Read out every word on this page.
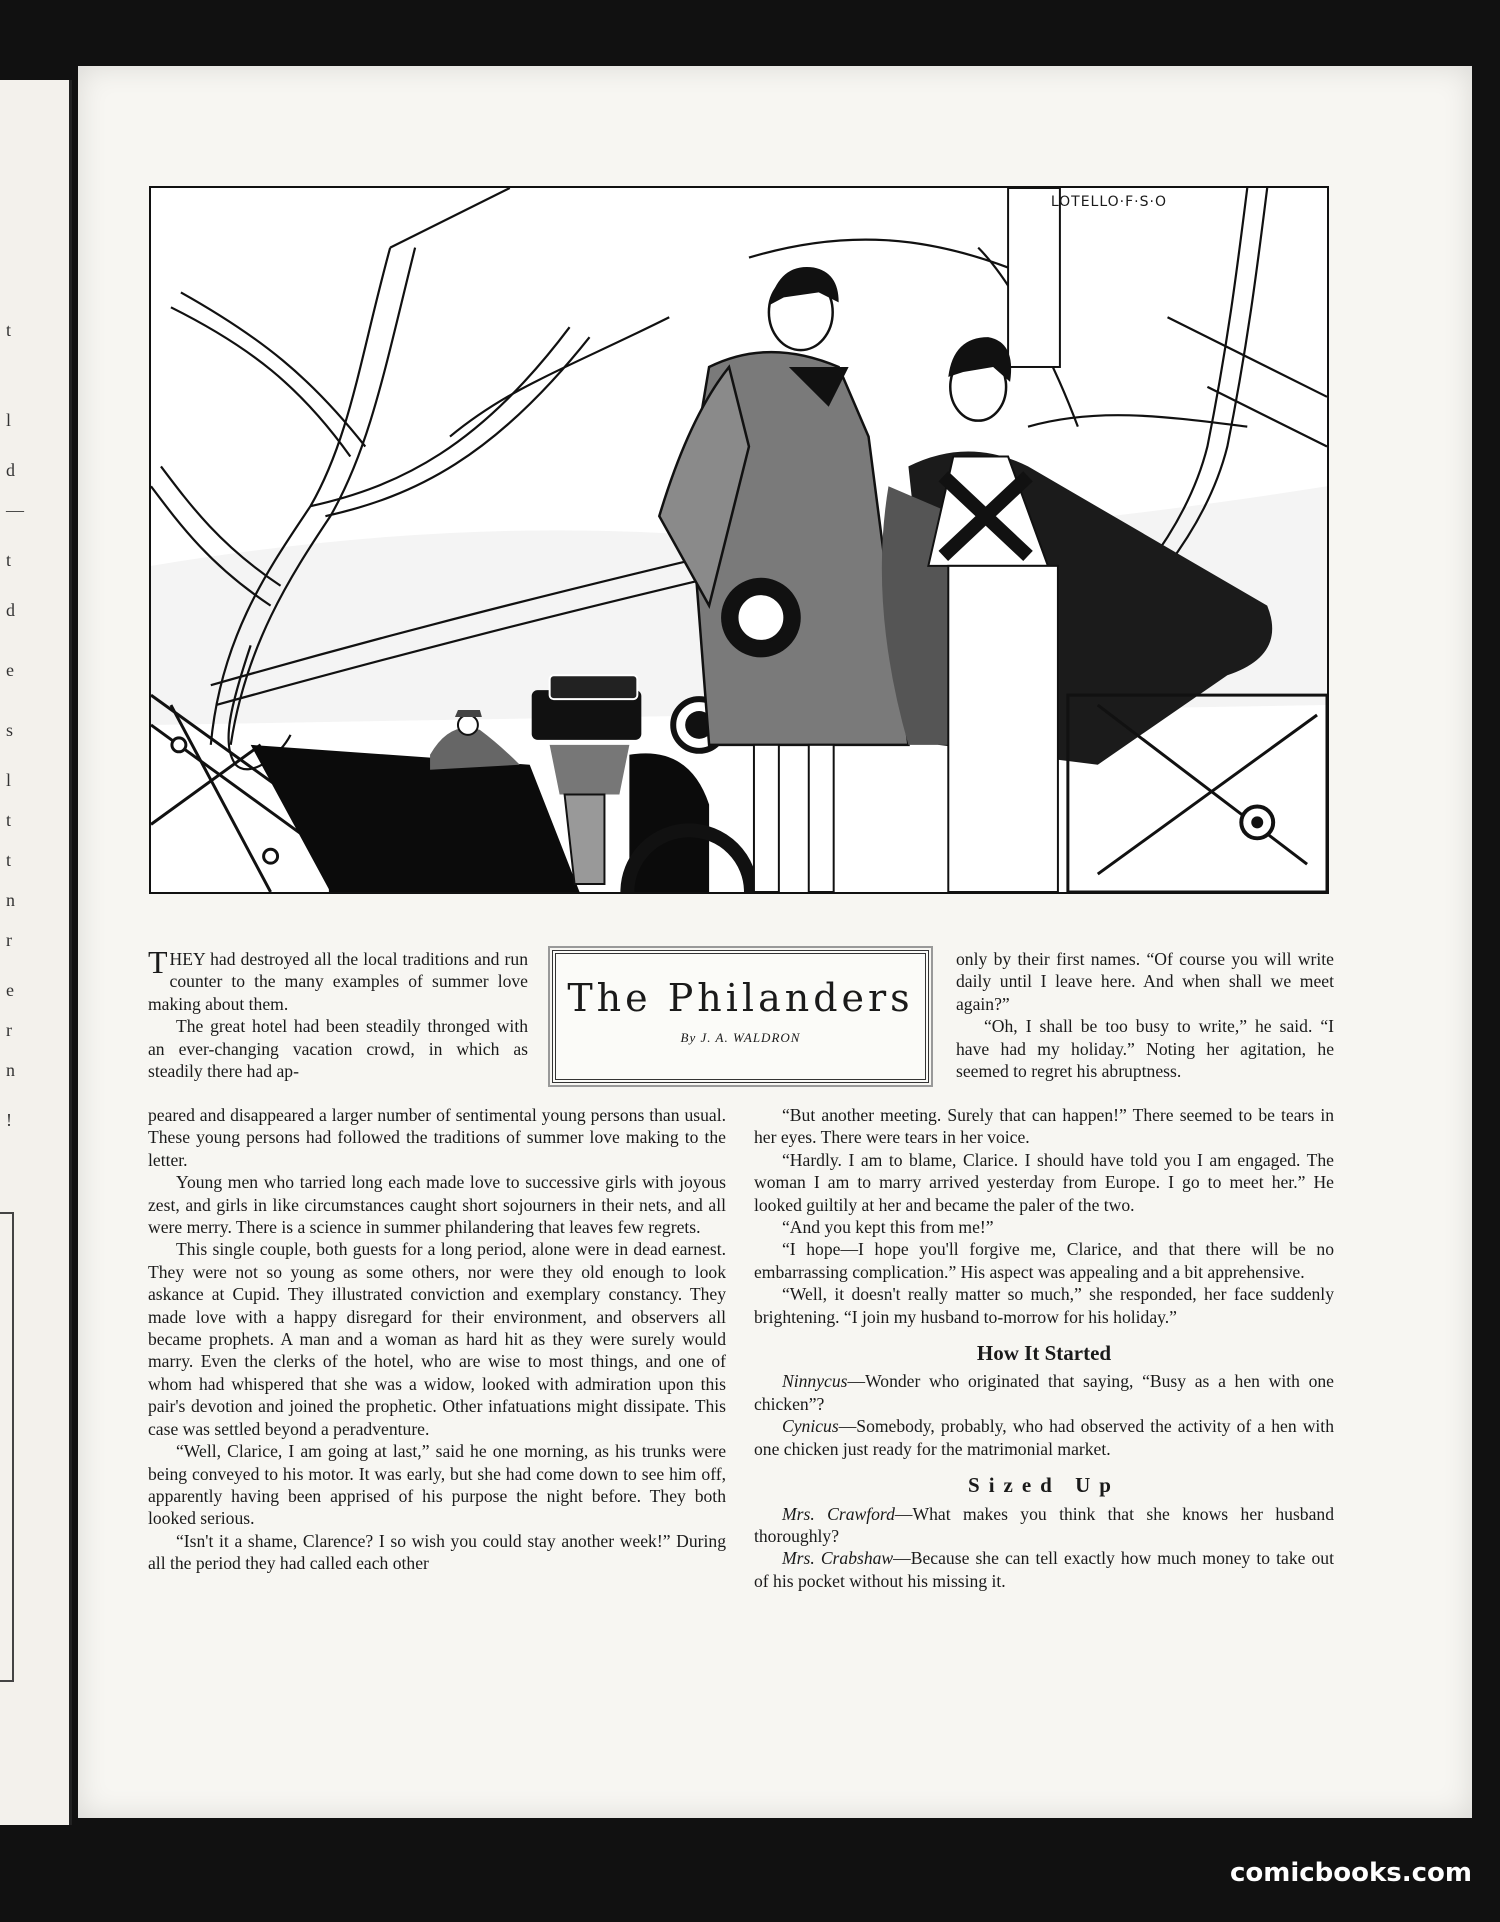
t
l
d
—
t
d
e
s
l
t
t
n
r
e
r
n
!
LOTELLO·F·S·O
The Philanders
By J. A. WALDRON

THEY had destroyed all the local traditions and run counter to the many examples of summer love making about them.

The great hotel had been steadily thronged with an ever-changing vacation crowd, in which as steadily there had ap-

peared and disappeared a larger number of sentimental young persons than usual. These young persons had followed the traditions of summer love making to the letter.

Young men who tarried long each made love to successive girls with joyous zest, and girls in like circumstances caught short sojourners in their nets, and all were merry. There is a science in summer philandering that leaves few regrets.

This single couple, both guests for a long period, alone were in dead earnest. They were not so young as some others, nor were they old enough to look askance at Cupid. They illustrated conviction and exemplary constancy. They made love with a happy disregard for their environment, and observers all became prophets. A man and a woman as hard hit as they were surely would marry. Even the clerks of the hotel, who are wise to most things, and one of whom had whispered that she was a widow, looked with admiration upon this pair's devotion and joined the prophetic. Other infatuations might dissipate. This case was settled beyond a peradventure.

“Well, Clarice, I am going at last,” said he one morning, as his trunks were being conveyed to his motor. It was early, but she had come down to see him off, apparently having been apprised of his purpose the night before. They both looked serious.

“Isn't it a shame, Clarence? I so wish you could stay another week!” During all the period they had called each other

only by their first names. “Of course you will write daily until I leave here. And when shall we meet again?”

“Oh, I shall be too busy to write,” he said. “I have had my holiday.” Noting her agitation, he seemed to regret his abruptness.

“But another meeting. Surely that can happen!” There seemed to be tears in her eyes. There were tears in her voice.

“Hardly. I am to blame, Clarice. I should have told you I am engaged. The woman I am to marry arrived yesterday from Europe. I go to meet her.” He looked guiltily at her and became the paler of the two.

“And you kept this from me!”

“I hope—I hope you'll forgive me, Clarice, and that there will be no embarrassing complication.” His aspect was appealing and a bit apprehensive.

“Well, it doesn't really matter so much,” she responded, her face suddenly brightening. “I join my husband to-morrow for his holiday.”

How It Started

Ninnycus—Wonder who originated that saying, “Busy as a hen with one chicken”?

Cynicus—Somebody, probably, who had observed the activity of a hen with one chicken just ready for the matrimonial market.

Sized Up

Mrs. Crawford—What makes you think that she knows her husband thoroughly?

Mrs. Crabshaw—Because she can tell exactly how much money to take out of his pocket without his missing it.

comicbooks.com
